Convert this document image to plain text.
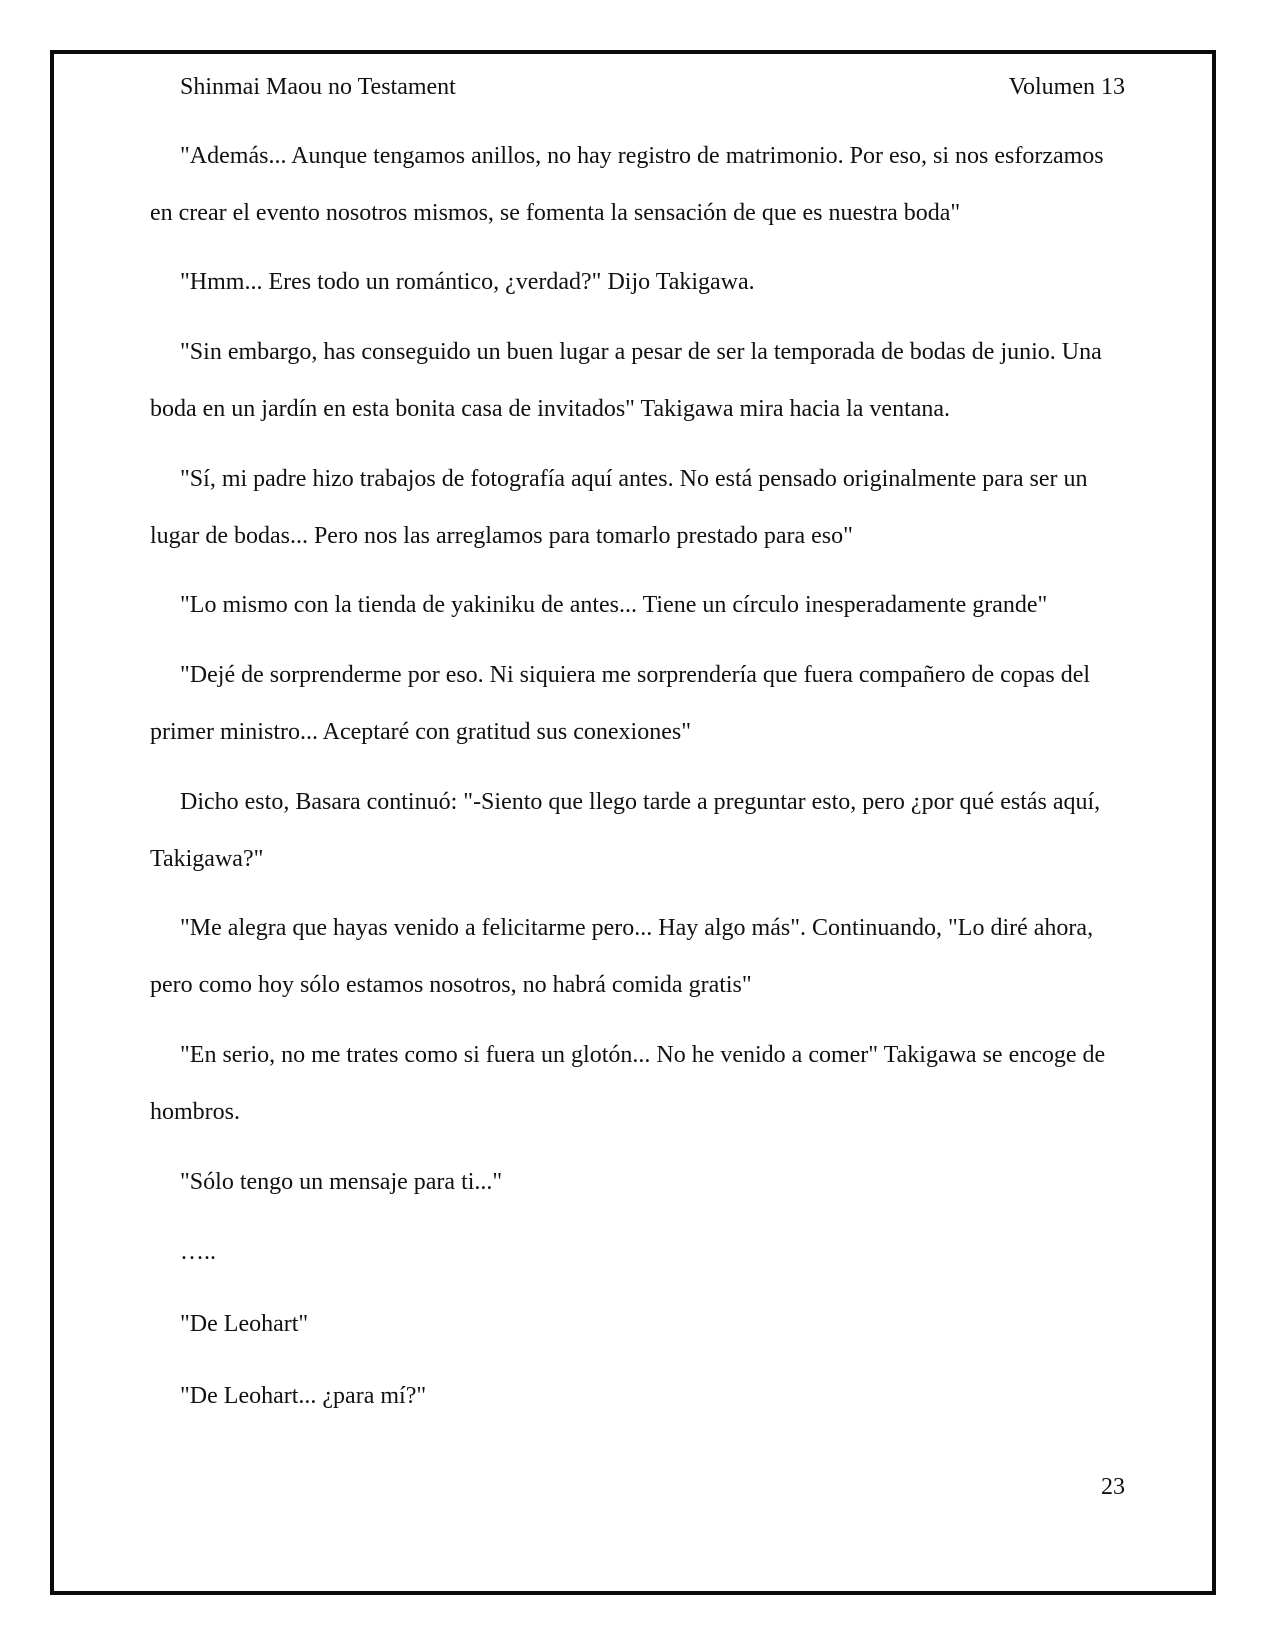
Shinmai Maou no Testament	Volumen 13

"Además... Aunque tengamos anillos, no hay registro de matrimonio. Por eso, si nos esforzamos en crear el evento nosotros mismos, se fomenta la sensación de que es nuestra boda"

"Hmm... Eres todo un romántico, ¿verdad?" Dijo Takigawa.

"Sin embargo, has conseguido un buen lugar a pesar de ser la temporada de bodas de junio. Una boda en un jardín en esta bonita casa de invitados" Takigawa mira hacia la ventana.

"Sí, mi padre hizo trabajos de fotografía aquí antes. No está pensado originalmente para ser un lugar de bodas... Pero nos las arreglamos para tomarlo prestado para eso"

"Lo mismo con la tienda de yakiniku de antes... Tiene un círculo inesperadamente grande"

"Dejé de sorprenderme por eso. Ni siquiera me sorprendería que fuera compañero de copas del primer ministro... Aceptaré con gratitud sus conexiones"

Dicho esto, Basara continuó: "-Siento que llego tarde a preguntar esto, pero ¿por qué estás aquí, Takigawa?"

"Me alegra que hayas venido a felicitarme pero... Hay algo más". Continuando, "Lo diré ahora, pero como hoy sólo estamos nosotros, no habrá comida gratis"

"En serio, no me trates como si fuera un glotón... No he venido a comer" Takigawa se encoge de hombros.

"Sólo tengo un mensaje para ti..."

…..

"De Leohart"

"De Leohart... ¿para mí?"

23
